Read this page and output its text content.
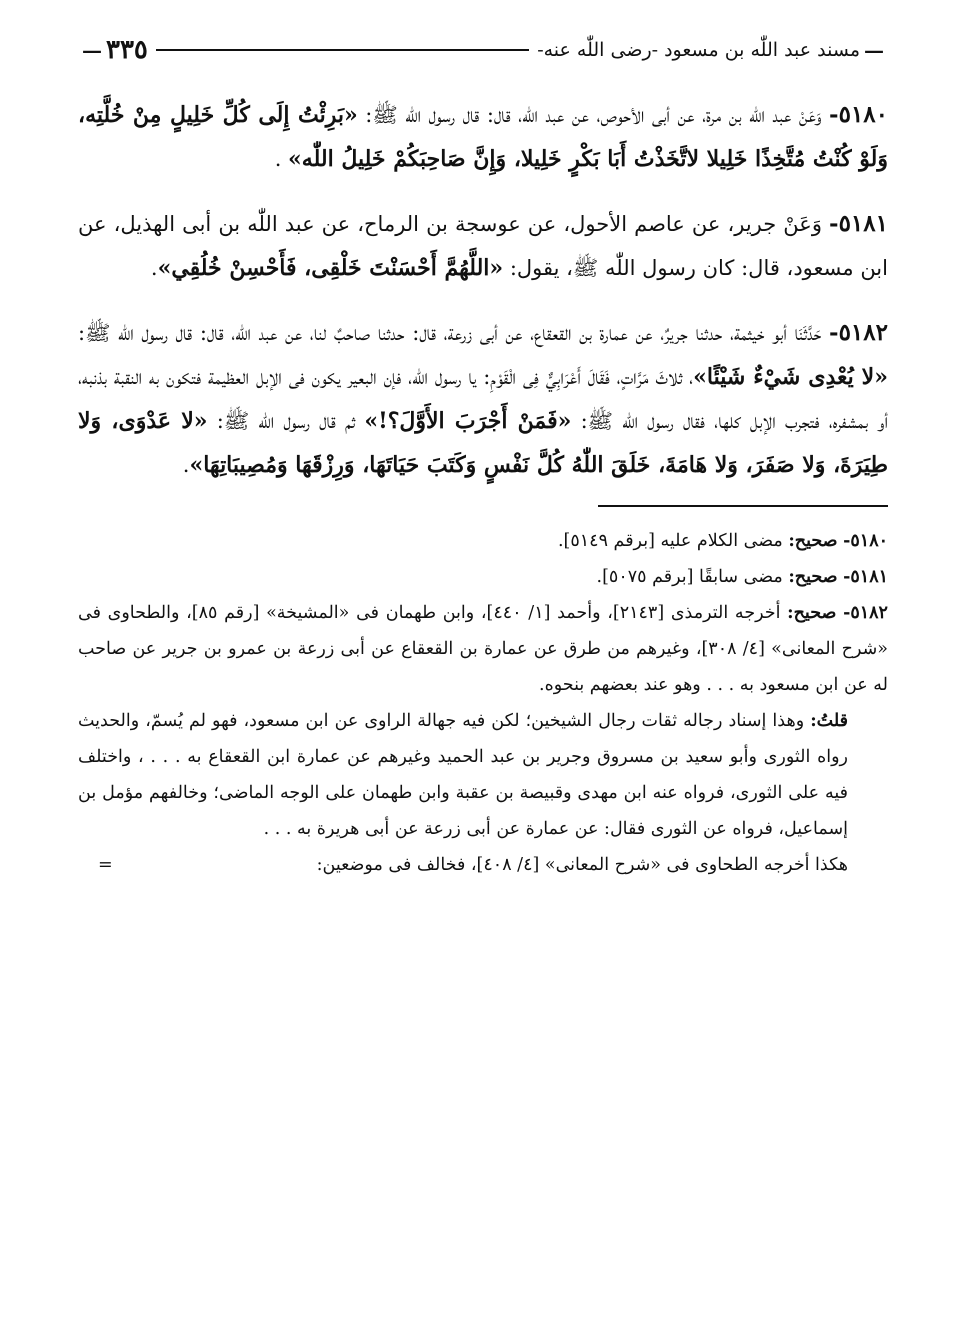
—
مسند عبد اللّٰه بن مسعود -رضى اللّٰه عنه-
٣٣٥
—

٥١٨٠- وَعَنْ عبد اللّٰه بن مرة، عن أبى الأحوص، عن عبد اللّٰه، قال: قال رسول اللّٰه ﷺ: «بَرِئْتُ إِلَى كُلِّ خَلِيلٍ مِنْ خُلَّتِه، وَلَوْ كُنْتُ مُتَّخِذًا خَلِيلا لاتَّخَذْتُ أَبَا بَكْرٍ خَلِيلا، وَإِنَّ صَاحِبَكُمْ خَلِيلُ اللّٰه» .

٥١٨١- وَعَنْ جرير، عن عاصم الأحول، عن عوسجة بن الرماح، عن عبد اللّٰه بن أبى الهذيل، عن ابن مسعود، قال: كان رسول اللّٰه ﷺ، يقول: «اللَّهُمَّ أَحْسَنْتَ خَلْقِى، فَأَحْسِنْ خُلُقِي».

٥١٨٢- حَدَّثَنَا أبو خيثمة، حدثنا جريرٌ، عن عمارة بن القعقاع، عن أبى زرعة، قال: حدثنا صاحبٌ لنا، عن عبد اللّٰه، قال: قال رسول اللّٰه ﷺ: «لا يُعْدِى شَيْءٌ شَيْئًا»، ثلاثَ مَرَّاتٍ، فَقَالَ أَعْرَابِيٌّ فِى الْقَوْمِ: يا رسول اللّٰه، فإن البعير يكون فى الإبل العظيمة فتكون به النقبة بذنبه، أو بمشفره، فتجرب الإبل كلها، فقال رسول اللّٰه ﷺ: «فَمَنْ أَجْرَبَ الأَوَّلَ؟!» ثم قال رسول اللّٰه ﷺ: «لا عَدْوَى، وَلا طِيَرَةَ، وَلا صَفَرَ، وَلا هَامَةَ، خَلَقَ اللّٰهُ كُلَّ نَفْسٍ وَكَتَبَ حَيَاتَهَا، وَرِزْقَهَا وَمُصِيبَاتِهَا».

٥١٨٠- صحيح: مضى الكلام عليه [برقم ٥١٤٩].

٥١٨١- صحيح: مضى سابقًا [برقم ٥٠٧٥].

٥١٨٢- صحيح: أخرجه الترمذى [٢١٤٣]، وأحمد [١/ ٤٤٠]، وابن طهمان فى «المشيخة» [رقم ٨٥]، والطحاوى فى «شرح المعانى» [٤/ ٣٠٨]، وغيرهم من طرق عن عمارة بن القعقاع عن أبى زرعة بن عمرو بن جرير عن صاحب له عن ابن مسعود به . . . وهو عند بعضهم بنحوه.

قلتُ: وهذا إسناد رجاله ثقات رجال الشيخين؛ لكن فيه جهالة الراوى عن ابن مسعود، فهو لم يُسمّ، والحديث رواه الثورى وأبو سعيد بن مسروق وجرير بن عبد الحميد وغيرهم عن عمارة ابن القعقاع به . . . ، واختلف فيه على الثورى، فرواه عنه ابن مهدى وقبيصة بن عقبة وابن طهمان على الوجه الماضى؛ وخالفهم مؤمل بن إسماعيل، فرواه عن الثورى فقال: عن عمارة عن أبى زرعة عن أبى هريرة به . . .

هكذا أخرجه الطحاوى فى «شرح المعانى» [٤/ ٤٠٨]، فخالف فى موضعين:
=
